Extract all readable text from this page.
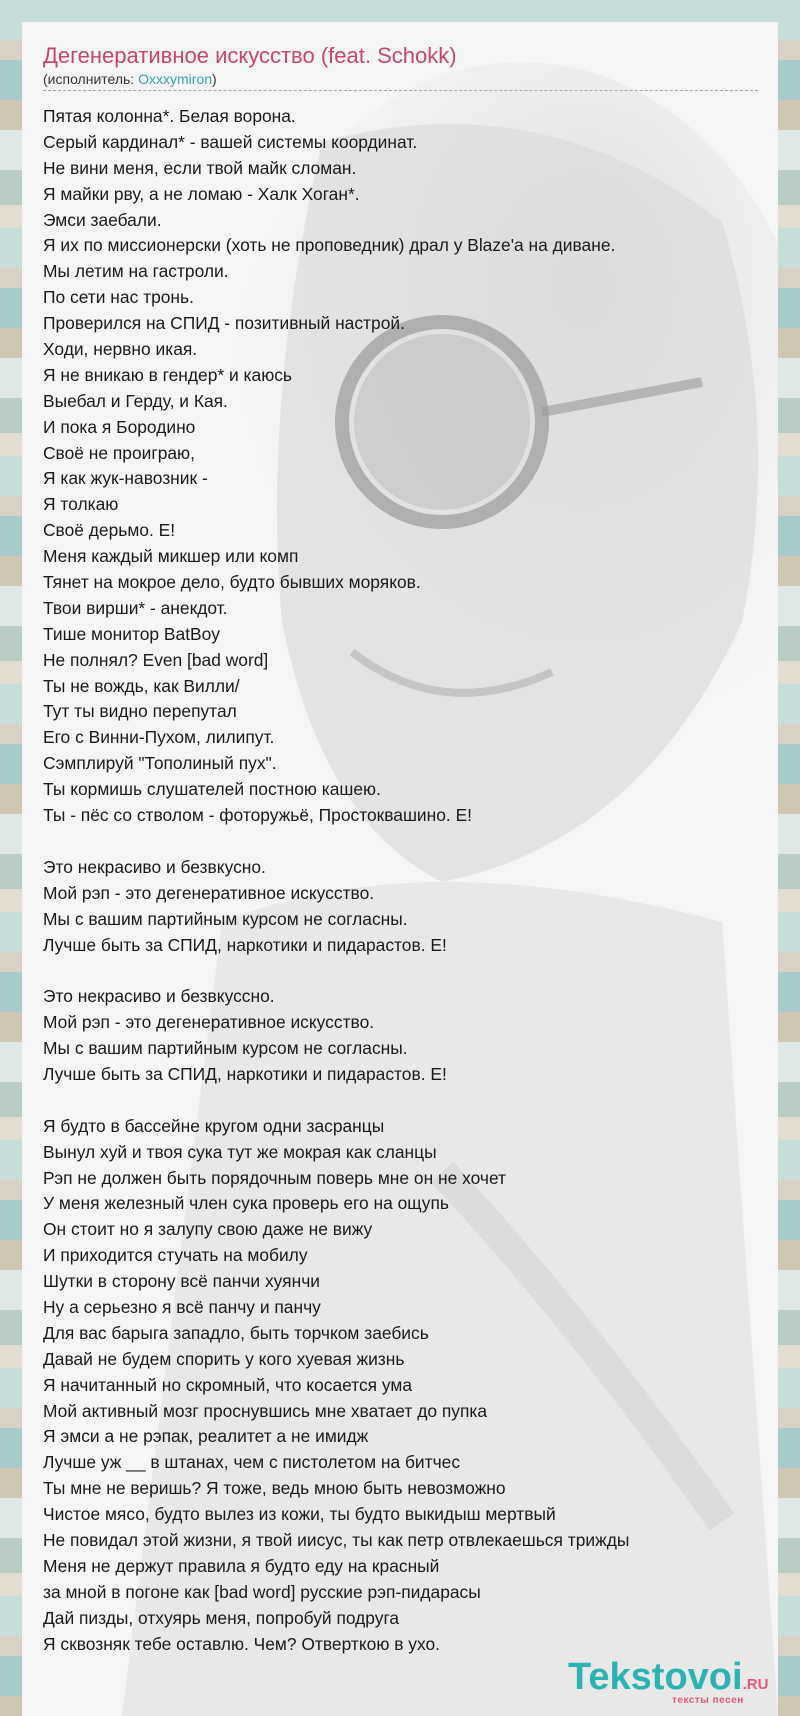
Дегенеративное искусство (feat. Schokk)
(исполнитель: Oxxxymiron)
Пятая колонна*. Белая ворона.
Серый кардинал* - вашей системы координат.
Не вини меня, если твой майк сломан.
Я майки рву, а не ломаю - Халк Хоган*.
Эмси заебали.
Я их по миссионерски (хоть не проповедник) драл у Blaze'а на диване.
Мы летим на гастроли.
По сети нас тронь.
Проверился на СПИД - позитивный настрой.
Ходи, нервно икая.
Я не вникаю в гендер* и каюсь
Выебал и Герду, и Кая.
И пока я Бородино
Своё не проиграю,
Я как жук-навозник -
Я толкаю
Своё дерьмо. Е!
Меня каждый микшер или комп
Тянет на мокрое дело, будто бывших моряков.
Твои вирши* - анекдот.
Тише монитор BatBoy
Не полнял? Even [bad word]
Ты не вождь, как Вилли/
Тут ты видно перепутал
Его с Винни-Пухом, лилипут.
Сэмплируй "Тополиный пух".
Ты кормишь слушателей постною кашею.
Ты - пёс со стволом - фоторужьё, Простоквашино. Е!
Это некрасиво и безвкусно.
Мой рэп - это дегенеративное искусство.
Мы с вашим партийным курсом не согласны.
Лучше быть за СПИД, наркотики и пидарастов. Е!
Это некрасиво и безвкуссно.
Мой рэп - это дегенеративное искусство.
Мы с вашим партийным курсом не согласны.
Лучше быть за СПИД, наркотики и пидарастов. Е!
Я будто в бассейне кругом одни засранцы
Вынул хуй и твоя сука тут же мокрая как сланцы
Рэп не должен быть порядочным поверь мне он не хочет
У меня железный член сука проверь его на ощупь
Он стоит но я залупу свою даже не вижу
И приходится стучать на мобилу
Шутки в сторону всё панчи хуянчи
Ну а серьезно я всё панчу и панчу
Для вас барыга западло, быть торчком заебись
Давай не будем спорить у кого хуевая жизнь
Я начитанный но скромный, что косается ума
Мой активный мозг проснувшись мне хватает до пупка
Я эмси а не рэпак, реалитет а не имидж
Лучше уж __ в штанах, чем с пистолетом на битчес
Ты мне не веришь? Я тоже, ведь мною быть невозможно
Чистое мясо, будто вылез из кожи, ты будто выкидыш мертвый
Не повидал этой жизни, я твой иисус, ты как петр отвлекаешься трижды
Меня не держут правила я будто еду на красный
за мной в погоне как [bad word] русские рэп-пидарасы
Дай пизды, отхуярь меня, попробуй подруга
Я сквозняк тебе оставлю. Чем? Отверткою в ухо.
Tekstovoi.RU
тексты песен
